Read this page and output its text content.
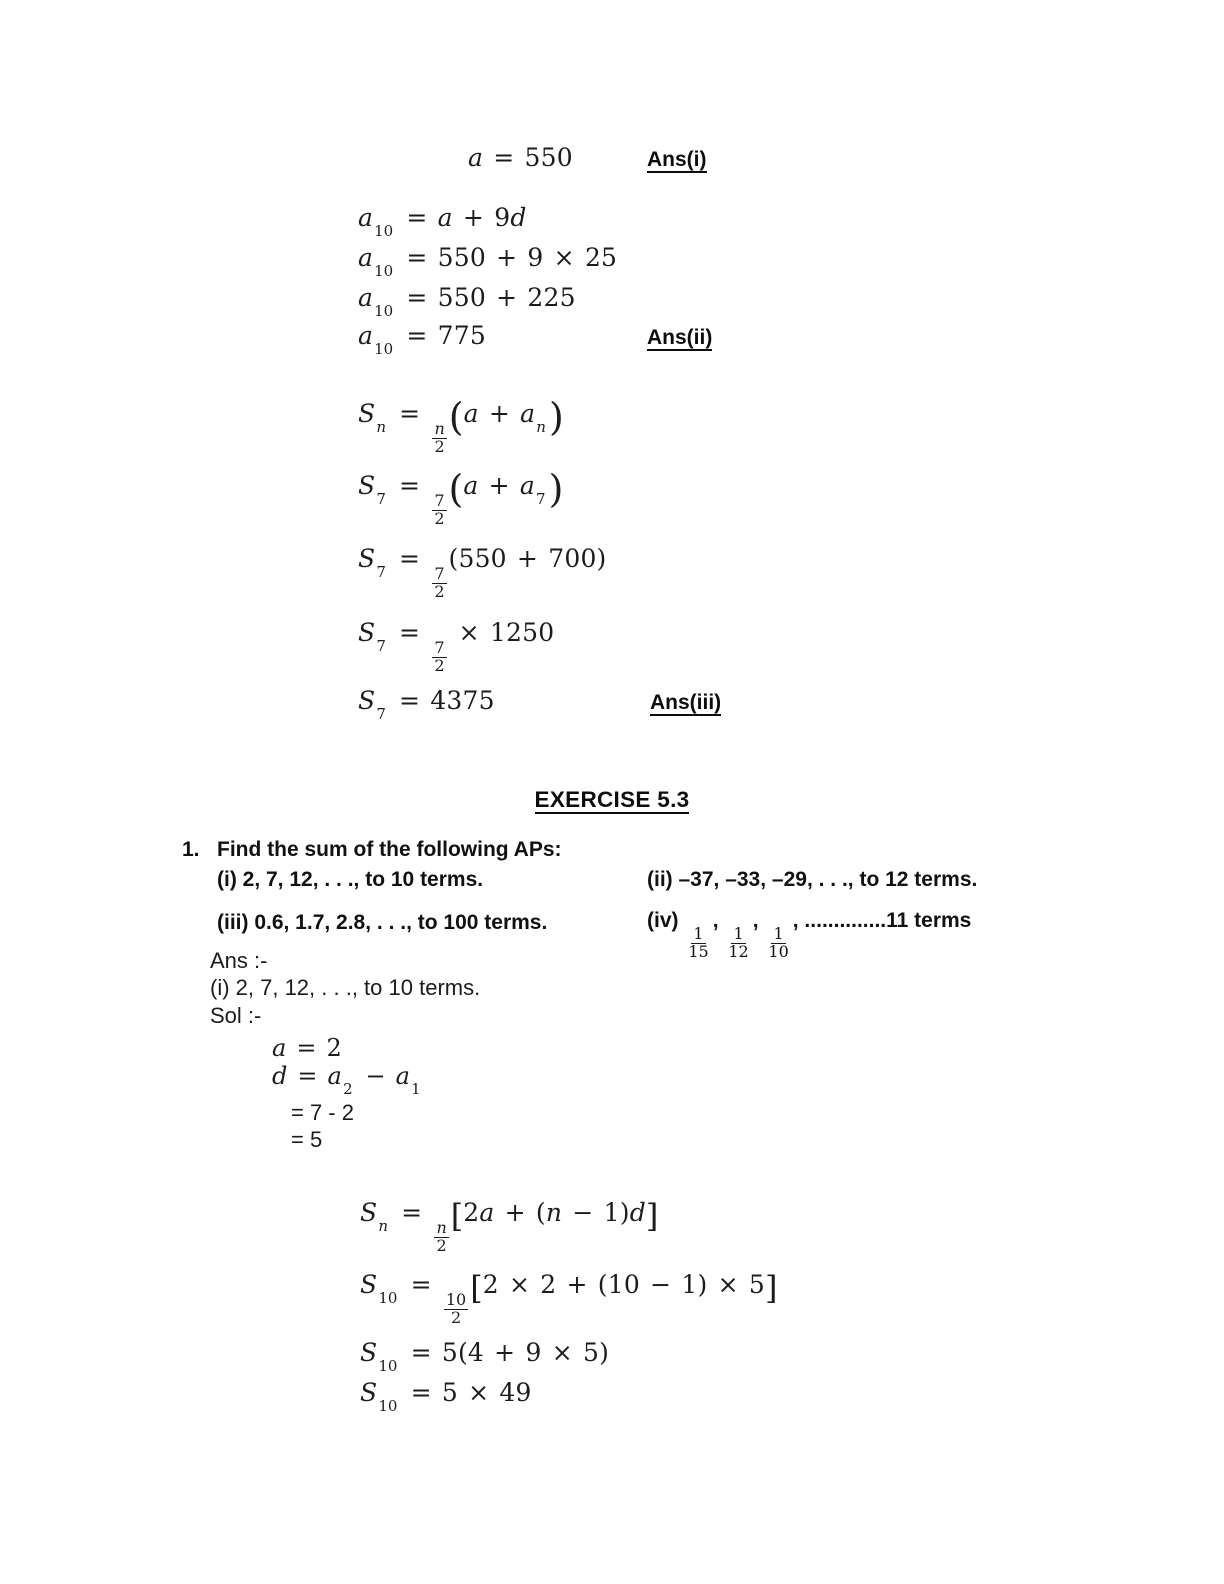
a = 550	Ans(i)
$a_{10} = a + 9d$
$a_{10} = 550 + 9 \times 25$
$a_{10} = 550 + 225$
$a_{10} = 775$	Ans(ii)
$S_n$ =
$\frac{n}{2} (a + a_n)$
$S_7$ =
$\frac{7}{2} (a + a_7)$
$S_7$ =
$\frac{7}{2}$
(550 + 700)
$S_7$ =
$\frac{7}{2}$
× 1250
$S_7 = 4375$	Ans(iii)
EXERCISE 5.3
1. Find the sum of the following APs:
(i) 2, 7, 12, . . ., to 10 terms.	(ii) –37, –33, –29, . . ., to 12 terms.
(iii) 0.6, 1.7, 2.8, . . ., to 100 terms.	(iv)
$\frac{1}{15}$
,
$\frac{1}{12}$
,
$\frac{1}{10}$
, ..............11 terms
Ans :-
(i) 2, 7, 12, . . ., to 10 terms.
Sol :-
a = 2
$d = a_2 - a_1$
= 7 - 2
= 5
$S_n$ =
$\frac{n}{2}$
[2a + (n − 1)d]
$S_{10}$ =
$\frac{10}{2}$
[2 × 2 + (10 − 1) × 5]
$S_{10} = 5(4 + 9 \times 5)$
$S_{10} = 5 \times 49$
